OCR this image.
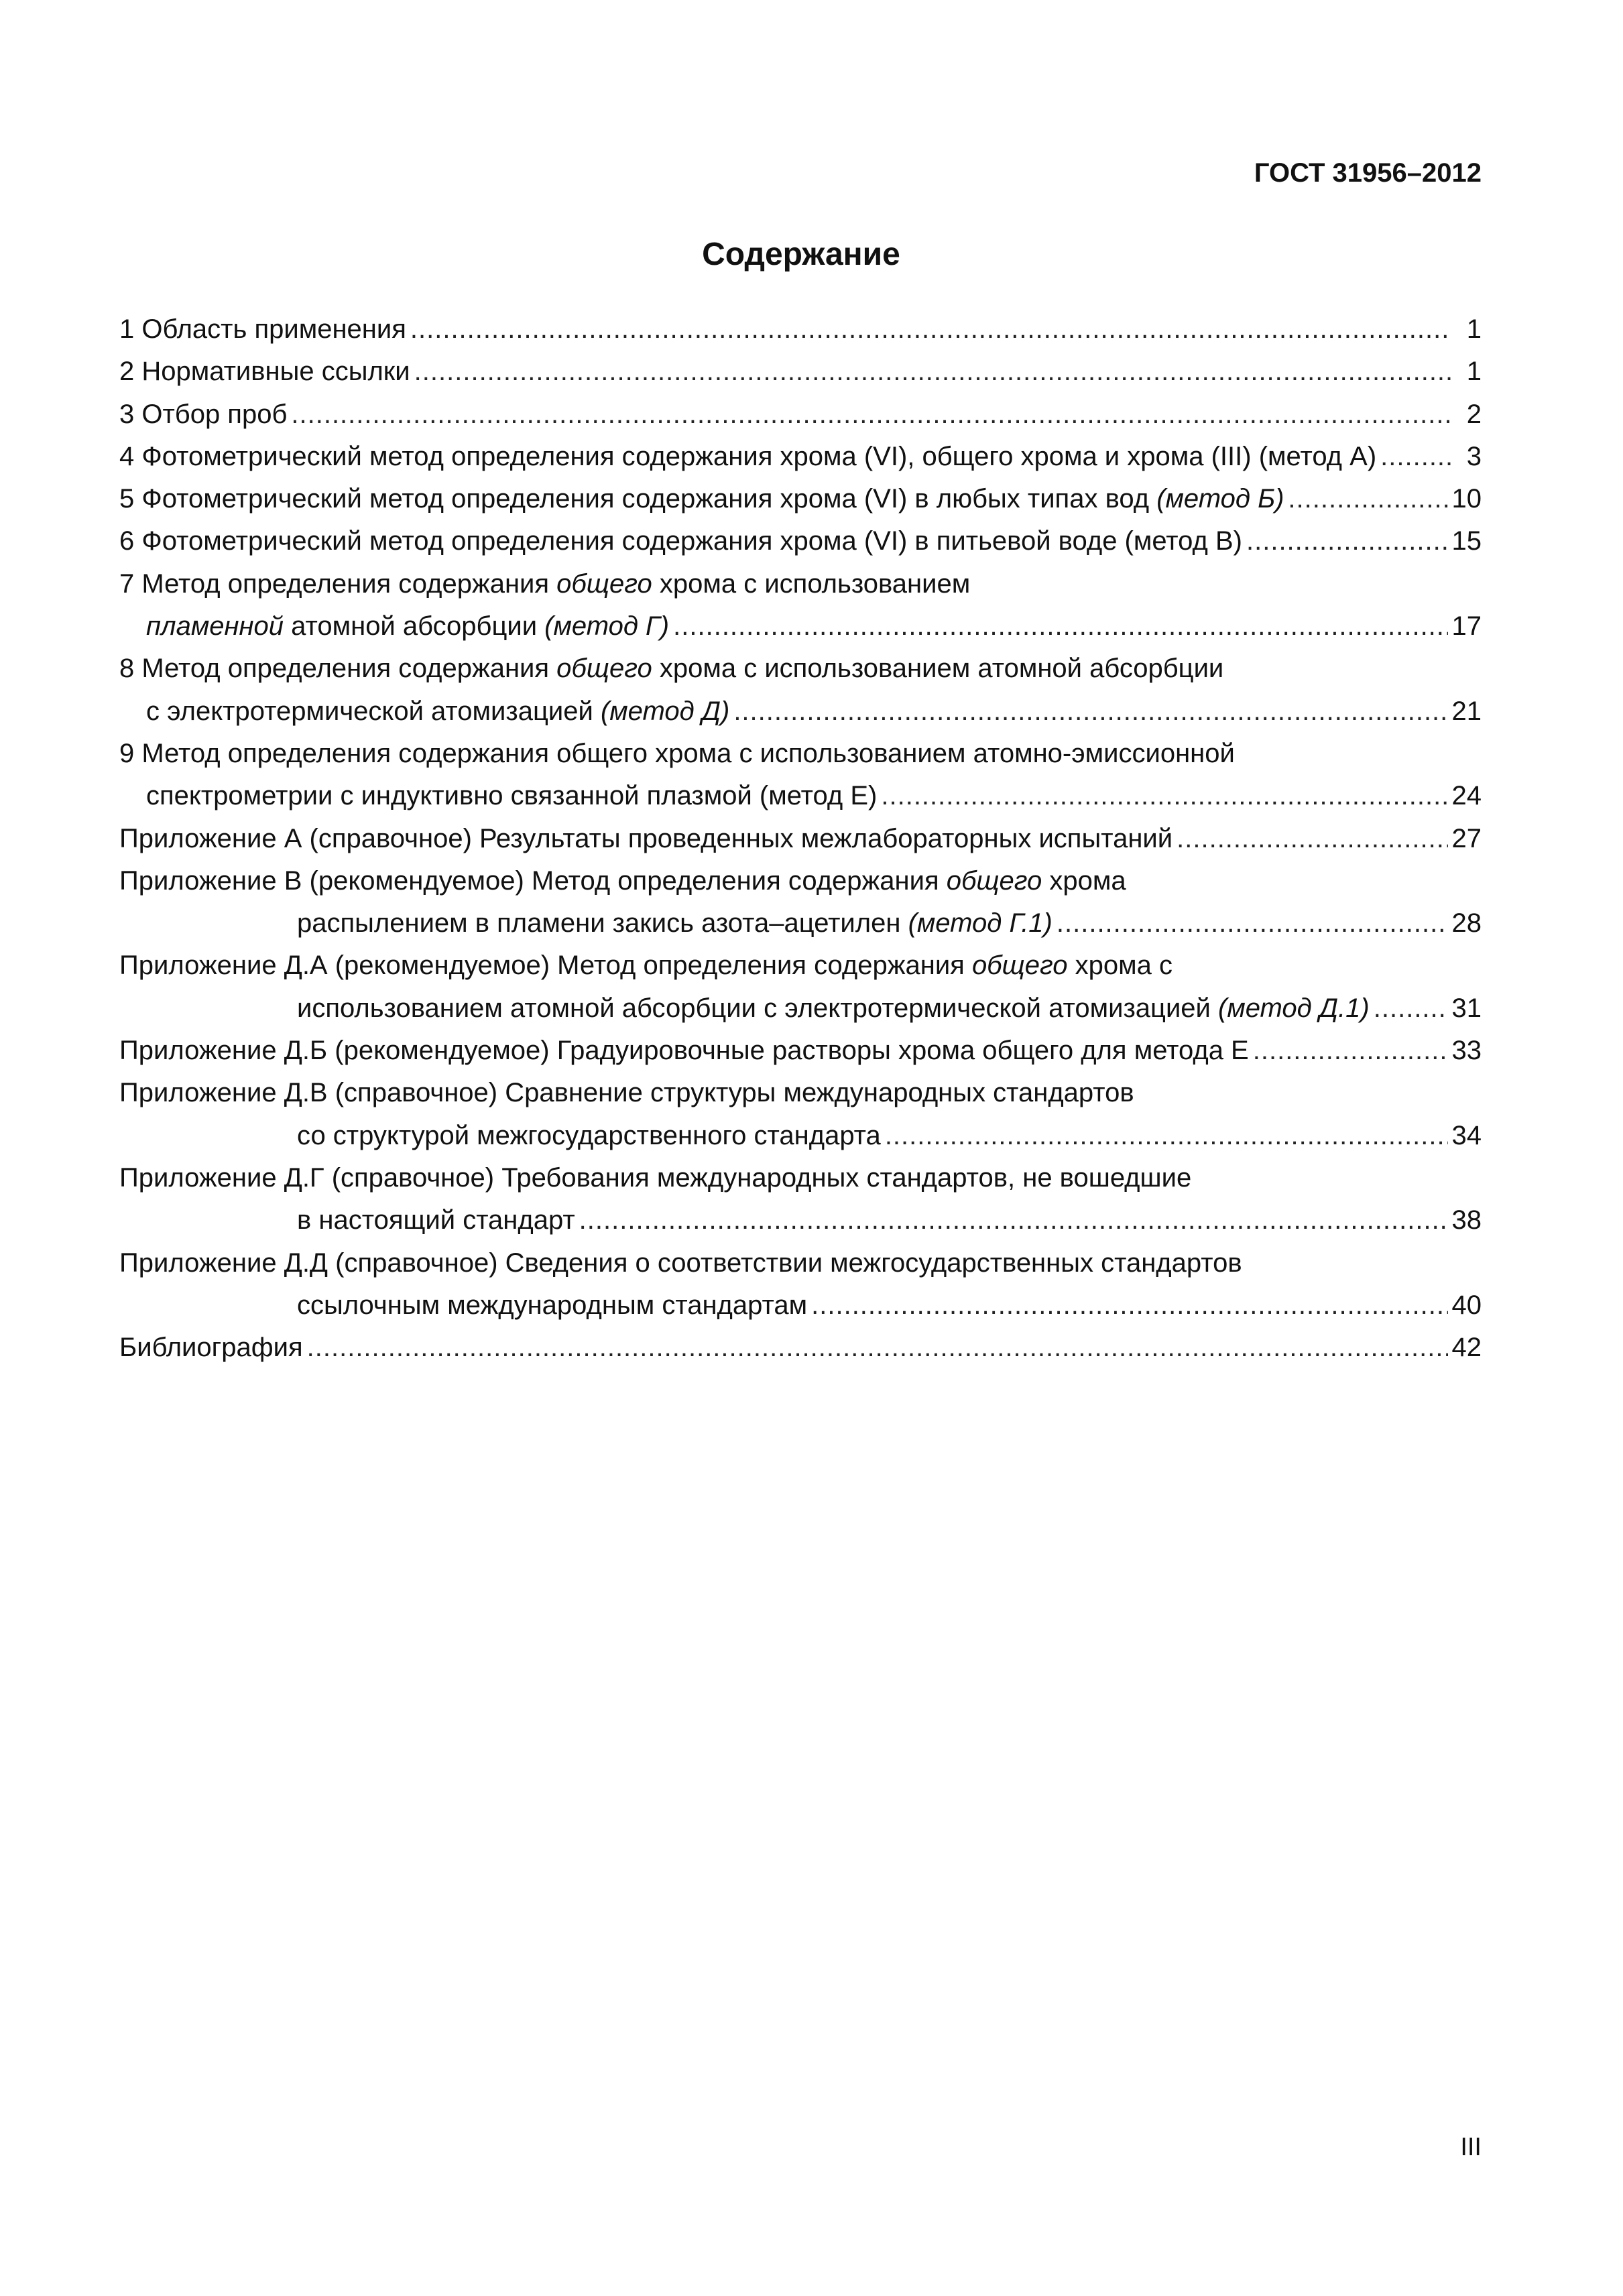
ГОСТ 31956–2012
Содержание
1 Область применения .....	1
2 Нормативные ссылки .....	1
3 Отбор проб .....	2
4 Фотометрический метод определения содержания хрома (VI), общего хрома и хрома (III) (метод А) .....	3
5 Фотометрический метод определения содержания хрома (VI) в любых типах вод (метод Б) .....	10
6 Фотометрический метод определения содержания хрома (VI) в питьевой воде (метод В) .....	15
7 Метод определения содержания общего хрома с использованием
пламенной атомной абсорбции (метод Г) .....	17
8 Метод определения содержания общего хрома с использованием атомной абсорбции
с электротермической атомизацией (метод Д) .....	21
9 Метод определения содержания общего хрома с использованием атомно-эмиссионной
спектрометрии с индуктивно связанной плазмой (метод Е) .....	24
Приложение А (справочное) Результаты проведенных межлабораторных испытаний .....	27
Приложение В (рекомендуемое) Метод определения содержания общего хрома
распылением в пламени закись азота–ацетилен (метод Г.1) .....	28
Приложение Д.А (рекомендуемое) Метод определения содержания общего хрома с
использованием атомной абсорбции с электротермической атомизацией (метод Д.1) .....	31
Приложение Д.Б (рекомендуемое) Градуировочные растворы хрома общего для метода Е .....	33
Приложение Д.В (справочное) Сравнение структуры международных стандартов
со структурой межгосударственного стандарта .....	34
Приложение Д.Г (справочное) Требования международных стандартов, не вошедшие
в настоящий стандарт .....	38
Приложение Д.Д (справочное) Сведения о соответствии межгосударственных стандартов
ссылочным международным стандартам .....	40
Библиография .....	42
III
